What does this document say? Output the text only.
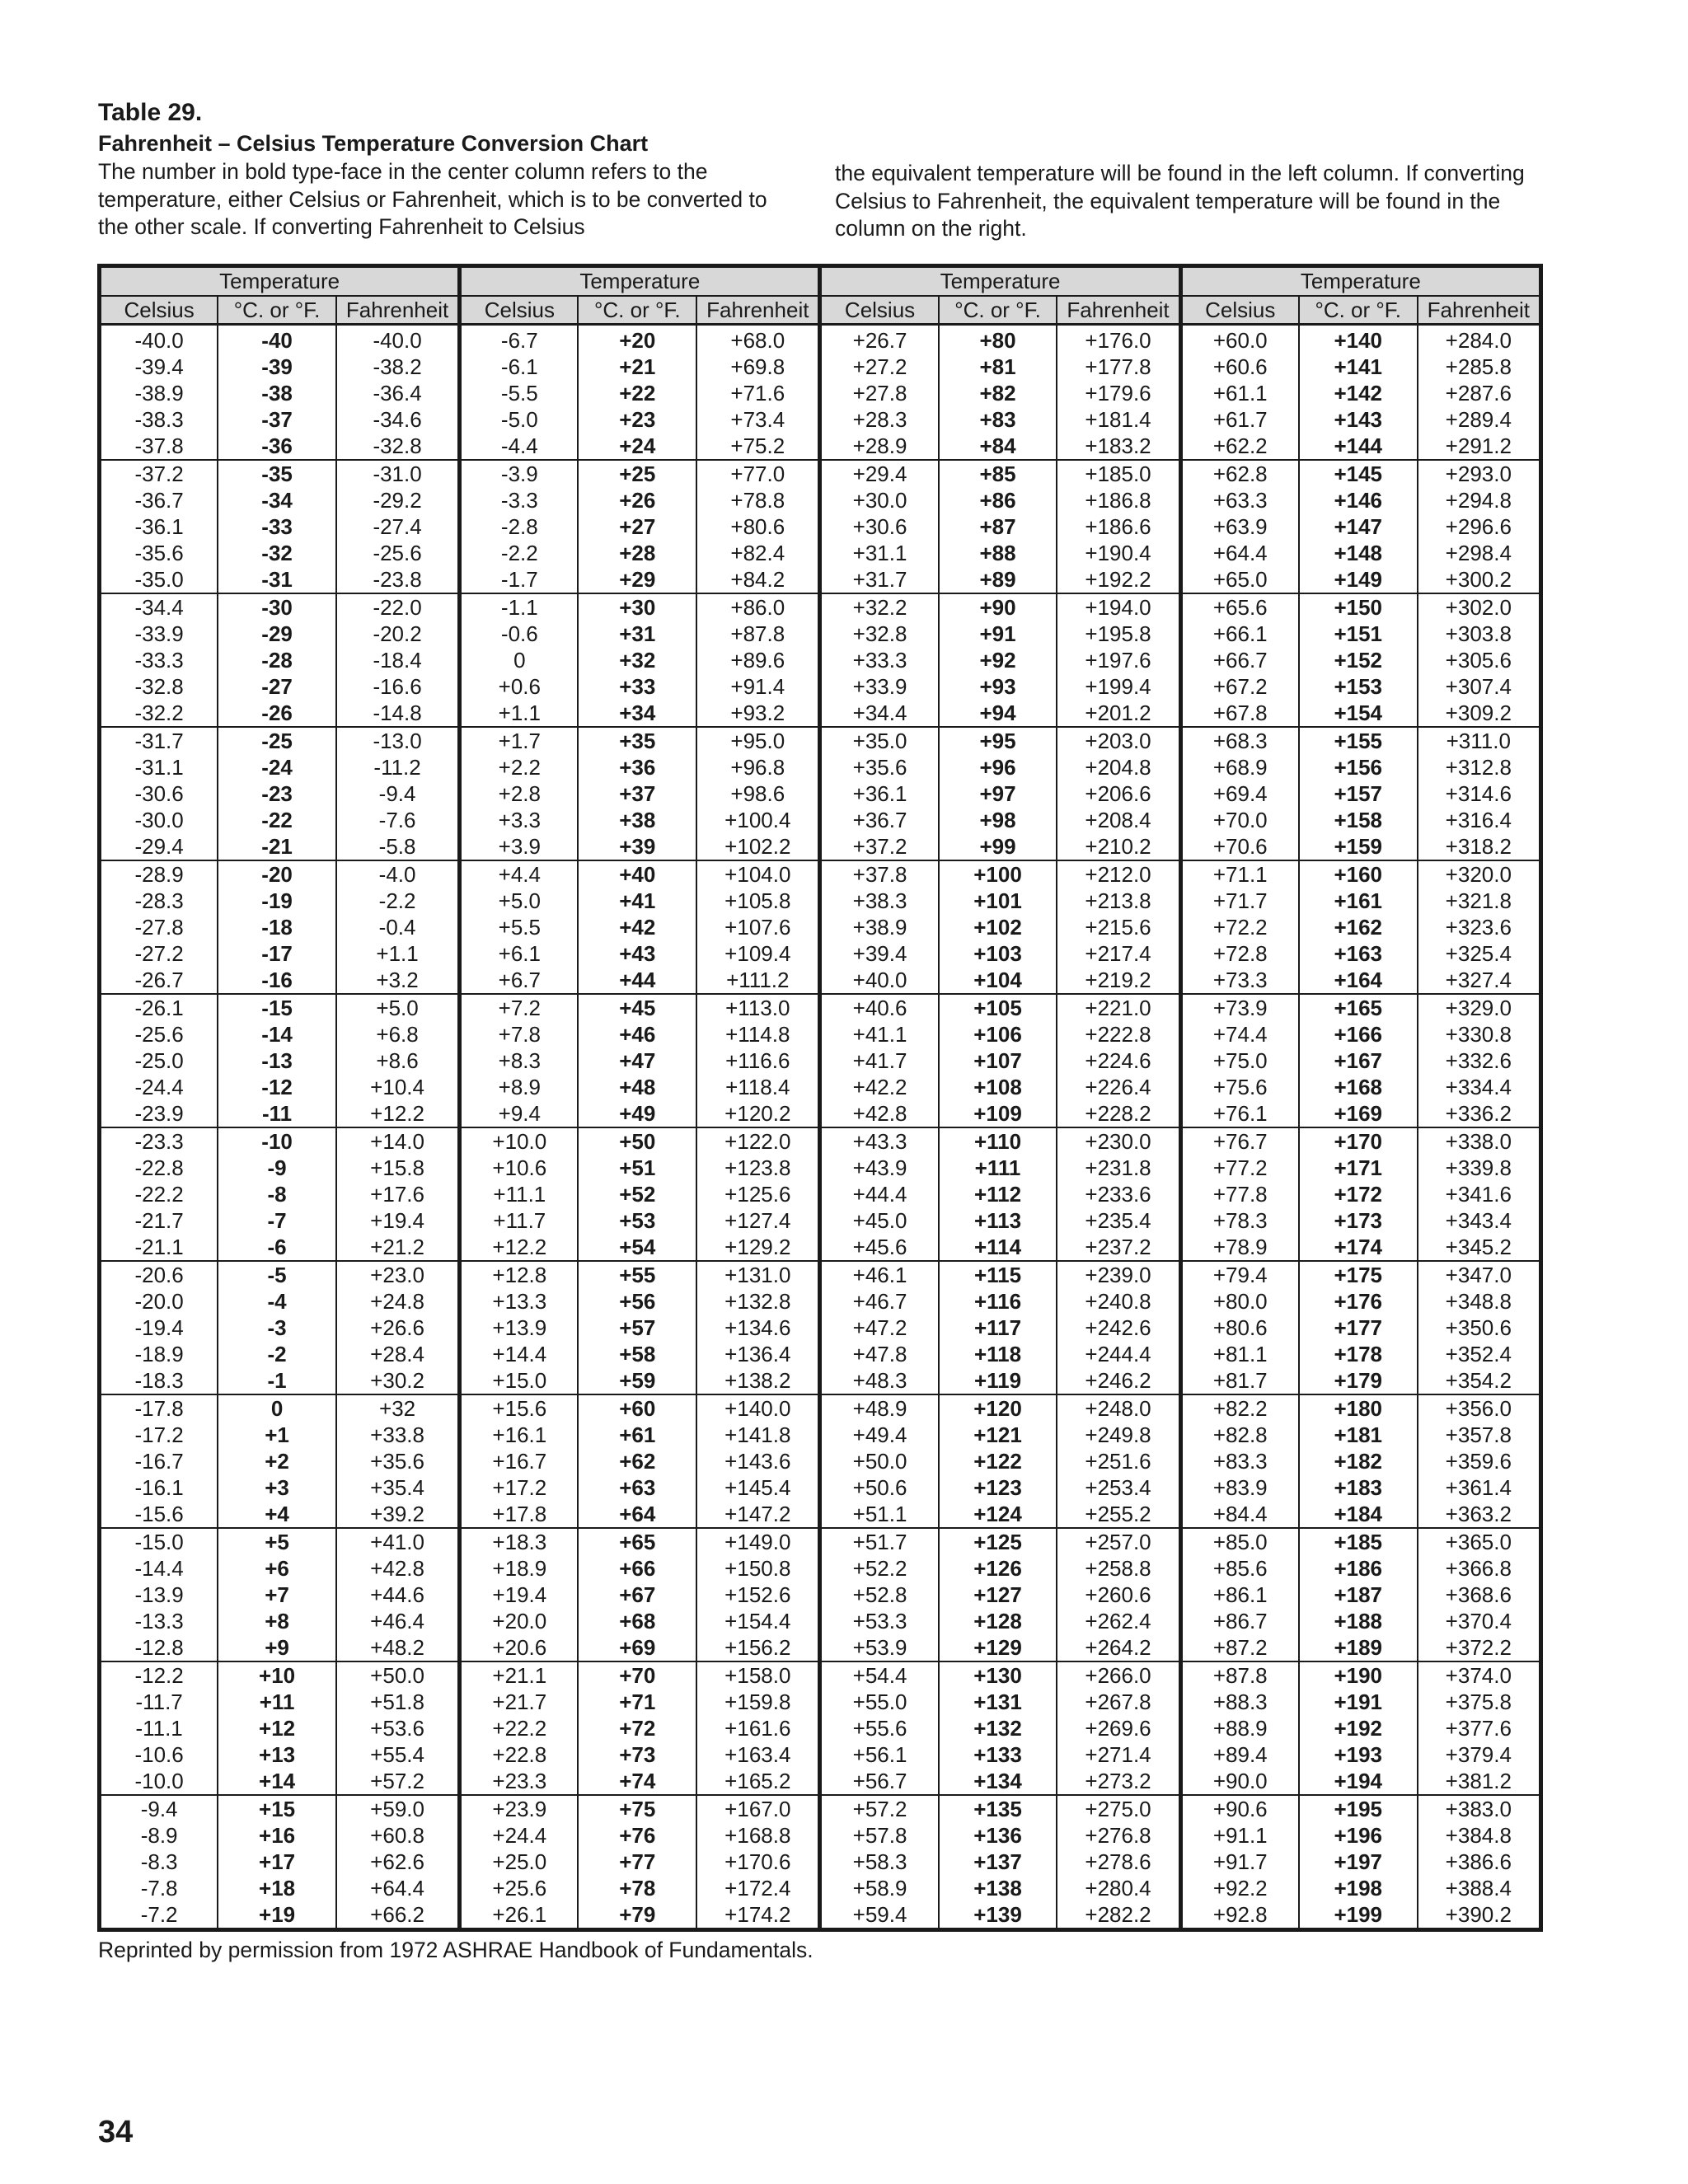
Table 29.
Fahrenheit – Celsius Temperature Conversion Chart

The number in bold type-face in the center column refers to the temperature, either Celsius or Fahrenheit, which is to be converted to the other scale. If converting Fahrenheit to Celsius

the equivalent temperature will be found in the left column. If converting Celsius to Fahrenheit, the equivalent temperature will be found in the column on the right.

Temperature			Temperature			Temperature			Temperature		
Celsius	°C. or °F.	Fahrenheit	Celsius	°C. or °F.	Fahrenheit	Celsius	°C. or °F.	Fahrenheit	Celsius	°C. or °F.	Fahrenheit
-40.0	-40	-40.0	-6.7	+20	+68.0	+26.7	+80	+176.0	+60.0	+140	+284.0
-39.4	-39	-38.2	-6.1	+21	+69.8	+27.2	+81	+177.8	+60.6	+141	+285.8
-38.9	-38	-36.4	-5.5	+22	+71.6	+27.8	+82	+179.6	+61.1	+142	+287.6
-38.3	-37	-34.6	-5.0	+23	+73.4	+28.3	+83	+181.4	+61.7	+143	+289.4
-37.8	-36	-32.8	-4.4	+24	+75.2	+28.9	+84	+183.2	+62.2	+144	+291.2
-37.2	-35	-31.0	-3.9	+25	+77.0	+29.4	+85	+185.0	+62.8	+145	+293.0
-36.7	-34	-29.2	-3.3	+26	+78.8	+30.0	+86	+186.8	+63.3	+146	+294.8
-36.1	-33	-27.4	-2.8	+27	+80.6	+30.6	+87	+186.6	+63.9	+147	+296.6
-35.6	-32	-25.6	-2.2	+28	+82.4	+31.1	+88	+190.4	+64.4	+148	+298.4
-35.0	-31	-23.8	-1.7	+29	+84.2	+31.7	+89	+192.2	+65.0	+149	+300.2
-34.4	-30	-22.0	-1.1	+30	+86.0	+32.2	+90	+194.0	+65.6	+150	+302.0
-33.9	-29	-20.2	-0.6	+31	+87.8	+32.8	+91	+195.8	+66.1	+151	+303.8
-33.3	-28	-18.4	0	+32	+89.6	+33.3	+92	+197.6	+66.7	+152	+305.6
-32.8	-27	-16.6	+0.6	+33	+91.4	+33.9	+93	+199.4	+67.2	+153	+307.4
-32.2	-26	-14.8	+1.1	+34	+93.2	+34.4	+94	+201.2	+67.8	+154	+309.2
-31.7	-25	-13.0	+1.7	+35	+95.0	+35.0	+95	+203.0	+68.3	+155	+311.0
-31.1	-24	-11.2	+2.2	+36	+96.8	+35.6	+96	+204.8	+68.9	+156	+312.8
-30.6	-23	-9.4	+2.8	+37	+98.6	+36.1	+97	+206.6	+69.4	+157	+314.6
-30.0	-22	-7.6	+3.3	+38	+100.4	+36.7	+98	+208.4	+70.0	+158	+316.4
-29.4	-21	-5.8	+3.9	+39	+102.2	+37.2	+99	+210.2	+70.6	+159	+318.2
-28.9	-20	-4.0	+4.4	+40	+104.0	+37.8	+100	+212.0	+71.1	+160	+320.0
-28.3	-19	-2.2	+5.0	+41	+105.8	+38.3	+101	+213.8	+71.7	+161	+321.8
-27.8	-18	-0.4	+5.5	+42	+107.6	+38.9	+102	+215.6	+72.2	+162	+323.6
-27.2	-17	+1.1	+6.1	+43	+109.4	+39.4	+103	+217.4	+72.8	+163	+325.4
-26.7	-16	+3.2	+6.7	+44	+111.2	+40.0	+104	+219.2	+73.3	+164	+327.4
-26.1	-15	+5.0	+7.2	+45	+113.0	+40.6	+105	+221.0	+73.9	+165	+329.0
-25.6	-14	+6.8	+7.8	+46	+114.8	+41.1	+106	+222.8	+74.4	+166	+330.8
-25.0	-13	+8.6	+8.3	+47	+116.6	+41.7	+107	+224.6	+75.0	+167	+332.6
-24.4	-12	+10.4	+8.9	+48	+118.4	+42.2	+108	+226.4	+75.6	+168	+334.4
-23.9	-11	+12.2	+9.4	+49	+120.2	+42.8	+109	+228.2	+76.1	+169	+336.2
-23.3	-10	+14.0	+10.0	+50	+122.0	+43.3	+110	+230.0	+76.7	+170	+338.0
-22.8	-9	+15.8	+10.6	+51	+123.8	+43.9	+111	+231.8	+77.2	+171	+339.8
-22.2	-8	+17.6	+11.1	+52	+125.6	+44.4	+112	+233.6	+77.8	+172	+341.6
-21.7	-7	+19.4	+11.7	+53	+127.4	+45.0	+113	+235.4	+78.3	+173	+343.4
-21.1	-6	+21.2	+12.2	+54	+129.2	+45.6	+114	+237.2	+78.9	+174	+345.2
-20.6	-5	+23.0	+12.8	+55	+131.0	+46.1	+115	+239.0	+79.4	+175	+347.0
-20.0	-4	+24.8	+13.3	+56	+132.8	+46.7	+116	+240.8	+80.0	+176	+348.8
-19.4	-3	+26.6	+13.9	+57	+134.6	+47.2	+117	+242.6	+80.6	+177	+350.6
-18.9	-2	+28.4	+14.4	+58	+136.4	+47.8	+118	+244.4	+81.1	+178	+352.4
-18.3	-1	+30.2	+15.0	+59	+138.2	+48.3	+119	+246.2	+81.7	+179	+354.2
-17.8	0	+32	+15.6	+60	+140.0	+48.9	+120	+248.0	+82.2	+180	+356.0
-17.2	+1	+33.8	+16.1	+61	+141.8	+49.4	+121	+249.8	+82.8	+181	+357.8
-16.7	+2	+35.6	+16.7	+62	+143.6	+50.0	+122	+251.6	+83.3	+182	+359.6
-16.1	+3	+35.4	+17.2	+63	+145.4	+50.6	+123	+253.4	+83.9	+183	+361.4
-15.6	+4	+39.2	+17.8	+64	+147.2	+51.1	+124	+255.2	+84.4	+184	+363.2
-15.0	+5	+41.0	+18.3	+65	+149.0	+51.7	+125	+257.0	+85.0	+185	+365.0
-14.4	+6	+42.8	+18.9	+66	+150.8	+52.2	+126	+258.8	+85.6	+186	+366.8
-13.9	+7	+44.6	+19.4	+67	+152.6	+52.8	+127	+260.6	+86.1	+187	+368.6
-13.3	+8	+46.4	+20.0	+68	+154.4	+53.3	+128	+262.4	+86.7	+188	+370.4
-12.8	+9	+48.2	+20.6	+69	+156.2	+53.9	+129	+264.2	+87.2	+189	+372.2
-12.2	+10	+50.0	+21.1	+70	+158.0	+54.4	+130	+266.0	+87.8	+190	+374.0
-11.7	+11	+51.8	+21.7	+71	+159.8	+55.0	+131	+267.8	+88.3	+191	+375.8
-11.1	+12	+53.6	+22.2	+72	+161.6	+55.6	+132	+269.6	+88.9	+192	+377.6
-10.6	+13	+55.4	+22.8	+73	+163.4	+56.1	+133	+271.4	+89.4	+193	+379.4
-10.0	+14	+57.2	+23.3	+74	+165.2	+56.7	+134	+273.2	+90.0	+194	+381.2
-9.4	+15	+59.0	+23.9	+75	+167.0	+57.2	+135	+275.0	+90.6	+195	+383.0
-8.9	+16	+60.8	+24.4	+76	+168.8	+57.8	+136	+276.8	+91.1	+196	+384.8
-8.3	+17	+62.6	+25.0	+77	+170.6	+58.3	+137	+278.6	+91.7	+197	+386.6
-7.8	+18	+64.4	+25.6	+78	+172.4	+58.9	+138	+280.4	+92.2	+198	+388.4
-7.2	+19	+66.2	+26.1	+79	+174.2	+59.4	+139	+282.2	+92.8	+199	+390.2
Reprinted by permission from 1972 ASHRAE Handbook of Fundamentals.
34
